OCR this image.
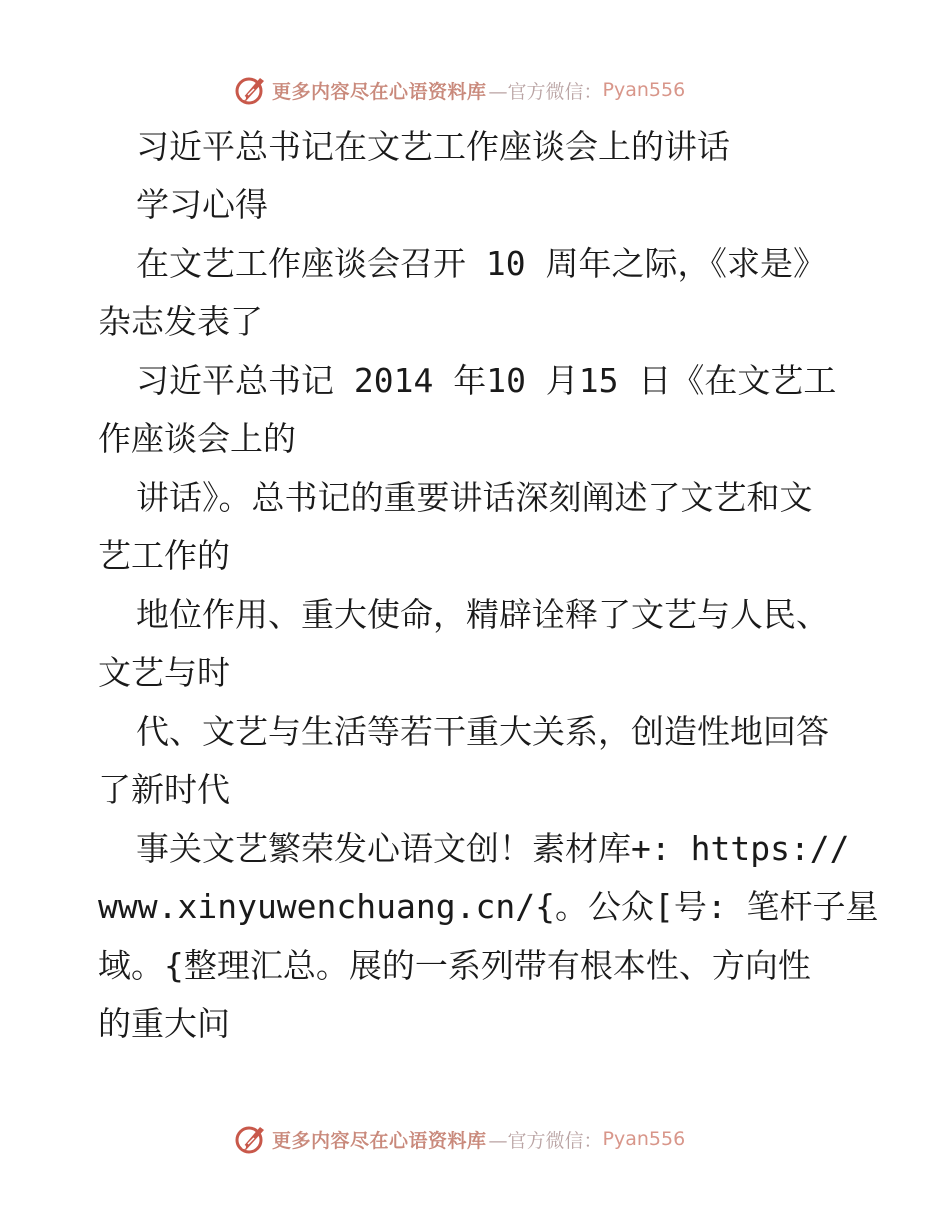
更多内容尽在心语资料库 —官方微信： Pyan556
习近平总书记在文艺工作座谈会上的讲话
学习心得
在文艺工作座谈会召开 10 周年之际，《求是》
杂志发表了
习近平总书记 2014 年10 月15 日《在文艺工
作座谈会上的
讲话》。总书记的重要讲话深刻阐述了文艺和文
艺工作的
地位作用、重大使命，精辟诠释了文艺与人民、
文艺与时
代、文艺与生活等若干重大关系，创造性地回答
了新时代
事关文艺繁荣发心语文创！素材库+: https://
www.xinyuwenchuang.cn/{。公众[号: 笔杆子星
域。{整理汇总。展的一系列带有根本性、方向性
的重大问
更多内容尽在心语资料库 —官方微信： Pyan556
